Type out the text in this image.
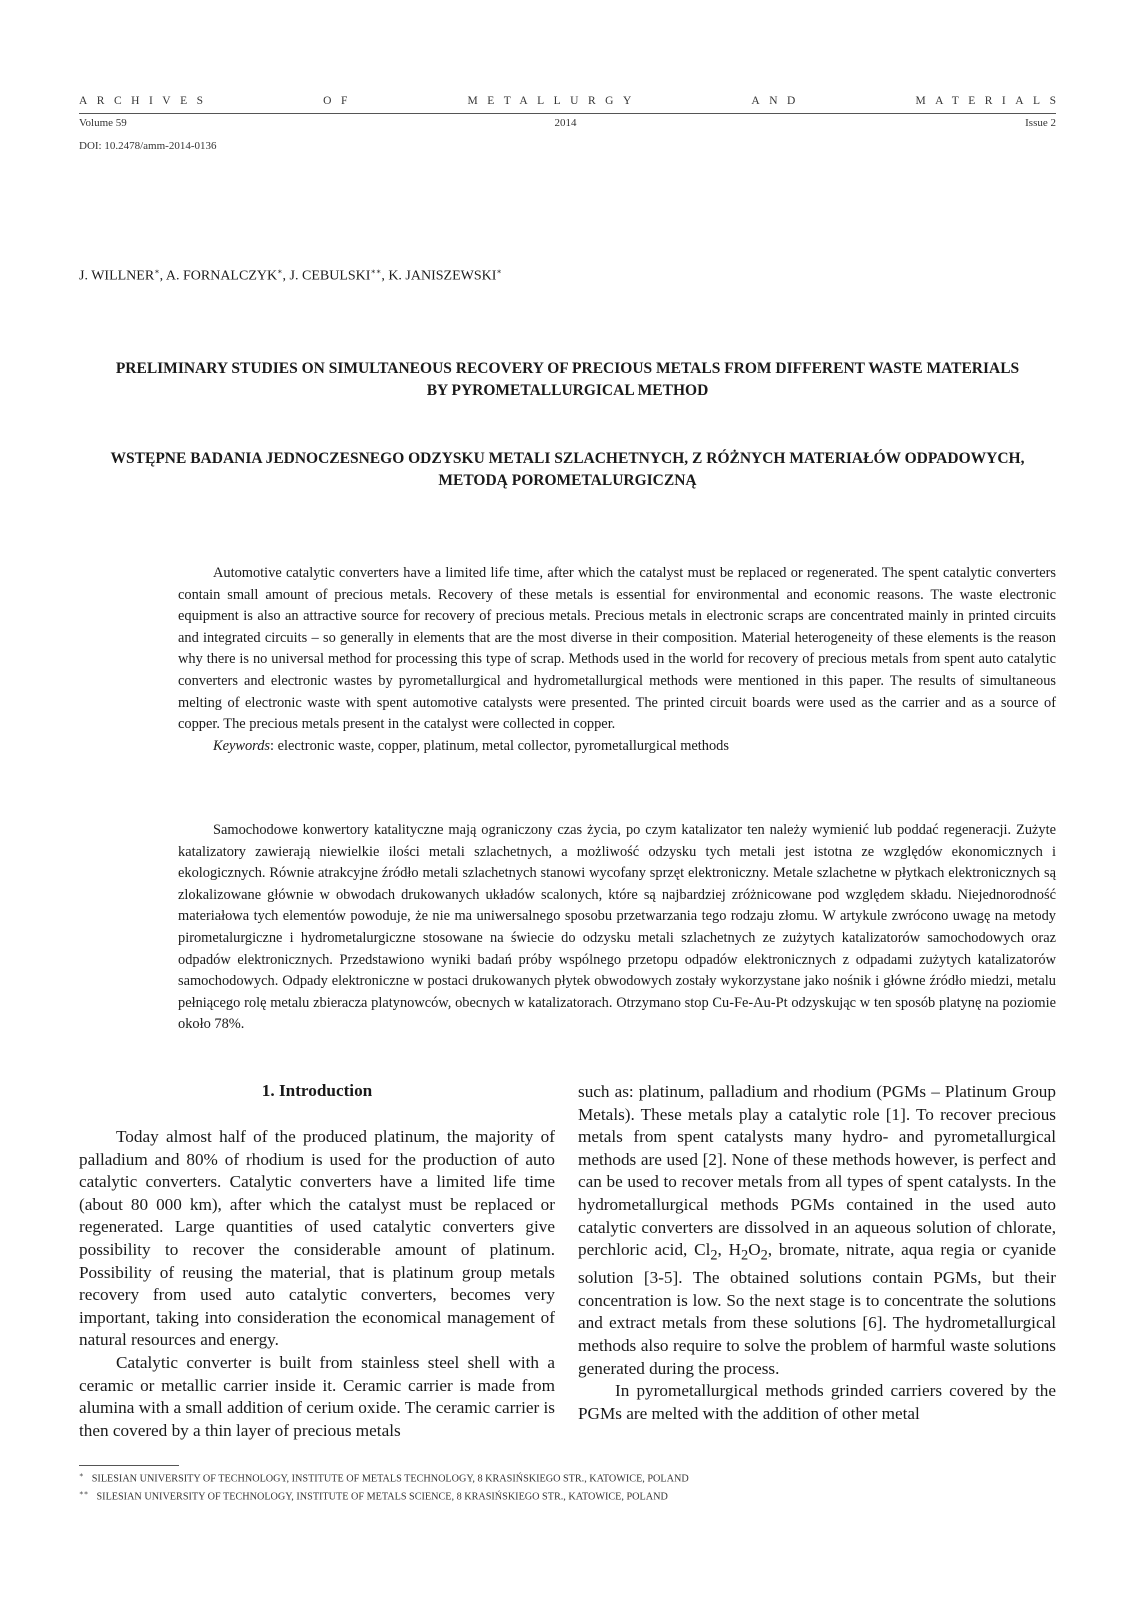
ARCHIVES	OF	METALLURGY	AND	MATERIALS
Volume 59	2014	Issue 2
DOI: 10.2478/amm-2014-0136
J. WILLNER∗, A. FORNALCZYK∗, J. CEBULSKI∗∗, K. JANISZEWSKI∗
PRELIMINARY STUDIES ON SIMULTANEOUS RECOVERY OF PRECIOUS METALS FROM DIFFERENT WASTE MATERIALS
BY PYROMETALLURGICAL METHOD
WSTĘPNE BADANIA JEDNOCZESNEGO ODZYSKU METALI SZLACHETNYCH, Z RÓŻNYCH MATERIAŁÓW ODPADOWYCH,
METODĄ POROMETALURGICZNĄ

Automotive catalytic converters have a limited life time, after which the catalyst must be replaced or regenerated. The spent catalytic converters contain small amount of precious metals. Recovery of these metals is essential for environmental and economic reasons. The waste electronic equipment is also an attractive source for recovery of precious metals. Precious metals in electronic scraps are concentrated mainly in printed circuits and integrated circuits – so generally in elements that are the most diverse in their composition. Material heterogeneity of these elements is the reason why there is no universal method for processing this type of scrap. Methods used in the world for recovery of precious metals from spent auto catalytic converters and electronic wastes by pyrometallurgical and hydrometallurgical methods were mentioned in this paper. The results of simultaneous melting of electronic waste with spent automotive catalysts were presented. The printed circuit boards were used as the carrier and as a source of copper. The precious metals present in the catalyst were collected in copper.

Keywords: electronic waste, copper, platinum, metal collector, pyrometallurgical methods

Samochodowe konwertory katalityczne mają ograniczony czas życia, po czym katalizator ten należy wymienić lub poddać regeneracji. Zużyte katalizatory zawierają niewielkie ilości metali szlachetnych, a możliwość odzysku tych metali jest istotna ze względów ekonomicznych i ekologicznych. Równie atrakcyjne źródło metali szlachetnych stanowi wycofany sprzęt elektroniczny. Metale szlachetne w płytkach elektronicznych są zlokalizowane głównie w obwodach drukowanych układów scalonych, które są najbardziej zróżnicowane pod względem składu. Niejednorodność materiałowa tych elementów powoduje, że nie ma uniwersalnego sposobu przetwarzania tego rodzaju złomu. W artykule zwrócono uwagę na metody pirometalurgiczne i hydrometalurgiczne stosowane na świecie do odzysku metali szlachetnych ze zużytych katalizatorów samochodowych oraz odpadów elektronicznych. Przedstawiono wyniki badań próby wspólnego przetopu odpadów elektronicznych z odpadami zużytych katalizatorów samochodowych. Odpady elektroniczne w postaci drukowanych płytek obwodowych zostały wykorzystane jako nośnik i główne źródło miedzi, metalu pełniącego rolę metalu zbieracza platynowców, obecnych w katalizatorach. Otrzymano stop Cu-Fe-Au-Pt odzyskując w ten sposób platynę na poziomie około 78%.

1. Introduction

Today almost half of the produced platinum, the majority of palladium and 80% of rhodium is used for the production of auto catalytic converters. Catalytic converters have a limited life time (about 80 000 km), after which the catalyst must be replaced or regenerated. Large quantities of used catalytic converters give possibility to recover the considerable amount of platinum. Possibility of reusing the material, that is platinum group metals recovery from used auto catalytic converters, becomes very important, taking into consideration the economical management of natural resources and energy.

Catalytic converter is built from stainless steel shell with a ceramic or metallic carrier inside it. Ceramic carrier is made from alumina with a small addition of cerium oxide. The ceramic carrier is then covered by a thin layer of precious metals

such as: platinum, palladium and rhodium (PGMs – Platinum Group Metals). These metals play a catalytic role [1]. To recover precious metals from spent catalysts many hydro- and pyrometallurgical methods are used [2]. None of these methods however, is perfect and can be used to recover metals from all types of spent catalysts. In the hydrometallurgical methods PGMs contained in the used auto catalytic converters are dissolved in an aqueous solution of chlorate, perchloric acid, $Cl_2$, $H_2O_2$, bromate, nitrate, aqua regia or cyanide solution [3-5]. The obtained solutions contain PGMs, but their concentration is low. So the next stage is to concentrate the solutions and extract metals from these solutions [6]. The hydrometallurgical methods also require to solve the problem of harmful waste solutions generated during the process.

In pyrometallurgical methods grinded carriers covered by the PGMs are melted with the addition of other metal

∗ SILESIAN UNIVERSITY OF TECHNOLOGY, INSTITUTE OF METALS TECHNOLOGY, 8 KRASIŃSKIEGO STR., KATOWICE, POLAND
∗∗ SILESIAN UNIVERSITY OF TECHNOLOGY, INSTITUTE OF METALS SCIENCE, 8 KRASIŃSKIEGO STR., KATOWICE, POLAND
